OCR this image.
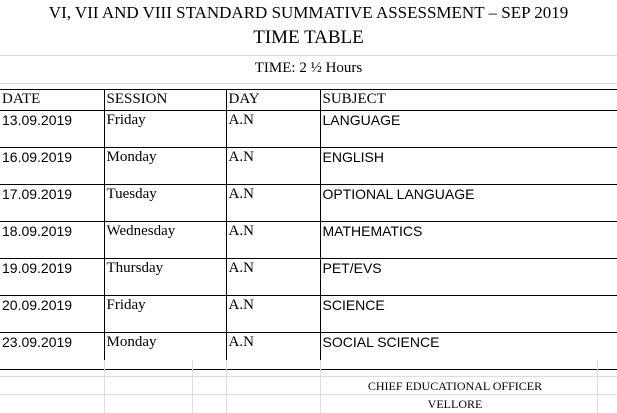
VI, VII AND VIII STANDARD SUMMATIVE ASSESSMENT – SEP 2019
TIME TABLE
TIME: 2 ½ Hours
DATE	SESSION	DAY	SUBJECT
13.09.2019	Friday	A.N	LANGUAGE
16.09.2019	Monday	A.N	ENGLISH
17.09.2019	Tuesday	A.N	OPTIONAL LANGUAGE
18.09.2019	Wednesday	A.N	MATHEMATICS
19.09.2019	Thursday	A.N	PET/EVS
20.09.2019	Friday	A.N	SCIENCE
23.09.2019	Monday	A.N	SOCIAL SCIENCE
CHIEF EDUCATIONAL OFFICER
VELLORE
